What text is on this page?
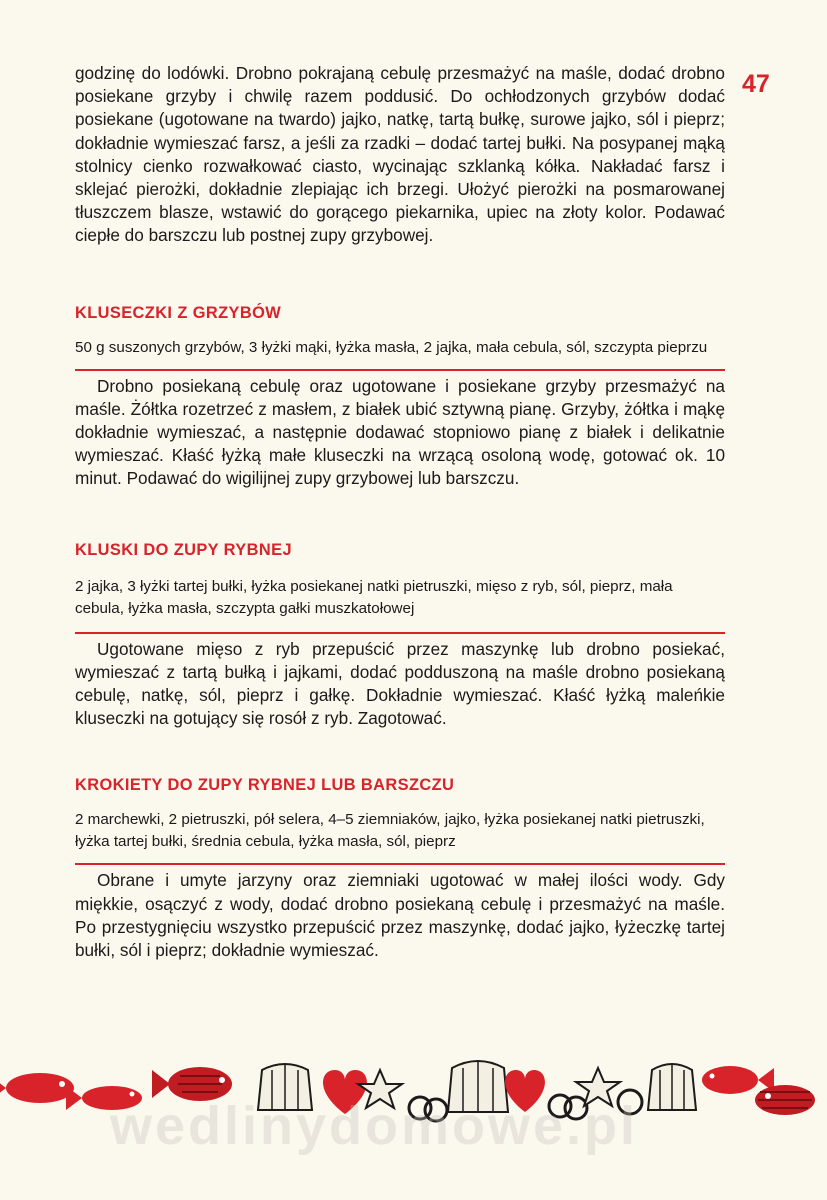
47

godzinę do lodówki. Drobno pokrajaną cebulę przesmażyć na maśle, dodać drobno posiekane grzyby i chwilę razem poddusić. Do ochłodzonych grzybów dodać posiekane (ugotowane na twardo) jajko, natkę, tartą bułkę, surowe jajko, sól i pieprz; dokładnie wymieszać farsz, a jeśli za rzadki – dodać tartej bułki. Na posypanej mąką stolnicy cienko rozwałkować ciasto, wycinając szklanką kółka. Nakładać farsz i sklejać pierożki, dokładnie zlepiając ich brzegi. Ułożyć pierożki na posmarowanej tłuszczem blasze, wstawić do gorącego piekarnika, upiec na złoty kolor. Podawać ciepłe do barszczu lub postnej zupy grzybowej.

KLUSECZKI Z GRZYBÓW

50 g suszonych grzybów, 3 łyżki mąki, łyżka masła, 2 jajka, mała cebula, sól, szczypta pieprzu

Drobno posiekaną cebulę oraz ugotowane i posiekane grzyby przesmażyć na maśle. Żółtka rozetrzeć z masłem, z białek ubić sztywną pianę. Grzyby, żółtka i mąkę dokładnie wymieszać, a następnie dodawać stopniowo pianę z białek i delikatnie wymieszać. Kłaść łyżką małe kluseczki na wrzącą osoloną wodę, gotować ok. 10 minut. Podawać do wigilijnej zupy grzybowej lub barszczu.

KLUSKI DO ZUPY RYBNEJ

2 jajka, 3 łyżki tartej bułki, łyżka posiekanej natki pietruszki, mięso z ryb, sól, pieprz, mała cebula, łyżka masła, szczypta gałki muszkatołowej

Ugotowane mięso z ryb przepuścić przez maszynkę lub drobno posiekać, wymieszać z tartą bułką i jajkami, dodać podduszoną na maśle drobno posiekaną cebulę, natkę, sól, pieprz i gałkę. Dokładnie wymieszać. Kłaść łyżką maleńkie kluseczki na gotujący się rosół z ryb. Zagotować.

KROKIETY DO ZUPY RYBNEJ LUB BARSZCZU

2 marchewki, 2 pietruszki, pół selera, 4–5 ziemniaków, jajko, łyżka posiekanej natki pietruszki, łyżka tartej bułki, średnia cebula, łyżka masła, sól, pieprz

Obrane i umyte jarzyny oraz ziemniaki ugotować w małej ilości wody. Gdy miękkie, osączyć z wody, dodać drobno posiekaną cebulę i przesmażyć na maśle. Po przestygnięciu wszystko przepuścić przez maszynkę, dodać jajko, łyżeczkę tartej bułki, sól i pieprz; dokładnie wymieszać.

wedlinydomowe.pl
